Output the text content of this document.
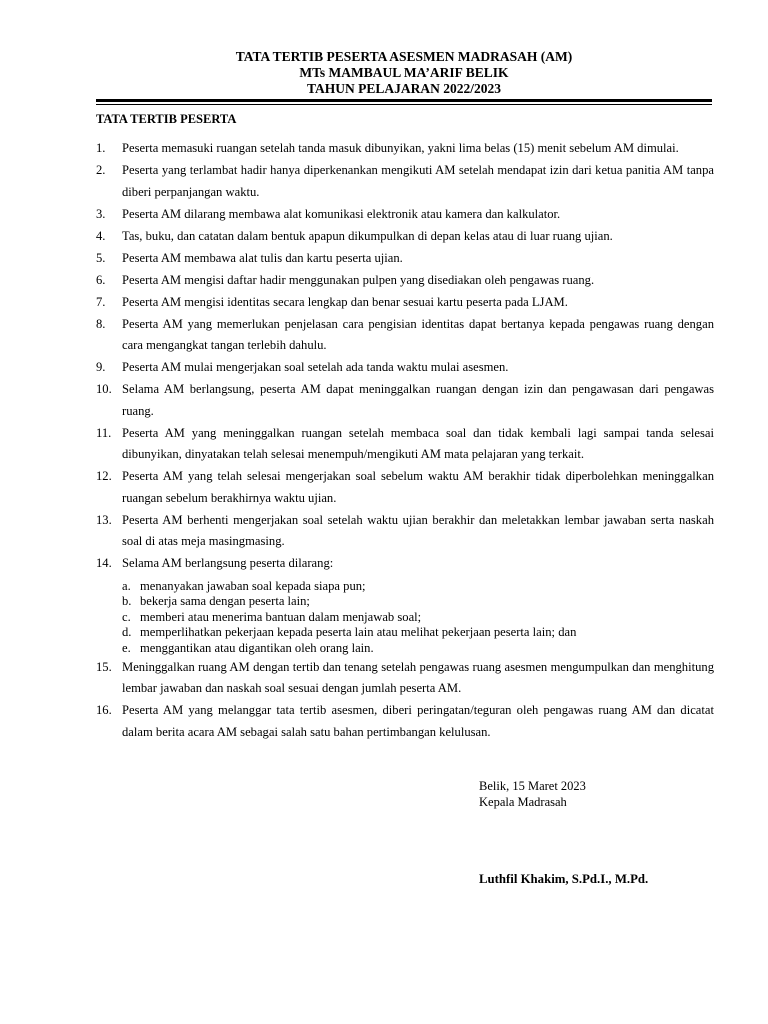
TATA TERTIB PESERTA ASESMEN MADRASAH (AM)
MTs MAMBAUL MA’ARIF BELIK
TAHUN PELAJARAN 2022/2023
TATA TERTIB PESERTA
1. Peserta memasuki ruangan setelah tanda masuk dibunyikan, yakni lima belas (15) menit sebelum AM dimulai.
2. Peserta yang terlambat hadir hanya diperkenankan mengikuti AM setelah mendapat izin dari ketua panitia AM tanpa diberi perpanjangan waktu.
3. Peserta AM dilarang membawa alat komunikasi elektronik atau kamera dan kalkulator.
4. Tas, buku, dan catatan dalam bentuk apapun dikumpulkan di depan kelas atau di luar ruang ujian.
5. Peserta AM membawa alat tulis dan kartu peserta ujian.
6. Peserta AM mengisi daftar hadir menggunakan pulpen yang disediakan oleh pengawas ruang.
7. Peserta AM mengisi identitas secara lengkap dan benar sesuai kartu peserta pada LJAM.
8. Peserta AM yang memerlukan penjelasan cara pengisian identitas dapat bertanya kepada pengawas ruang dengan cara mengangkat tangan terlebih dahulu.
9. Peserta AM mulai mengerjakan soal setelah ada tanda waktu mulai asesmen.
10. Selama AM berlangsung, peserta AM dapat meninggalkan ruangan dengan izin dan pengawasan dari pengawas ruang.
11. Peserta AM yang meninggalkan ruangan setelah membaca soal dan tidak kembali lagi sampai tanda selesai dibunyikan, dinyatakan telah selesai menempuh/mengikuti AM mata pelajaran yang terkait.
12. Peserta AM yang telah selesai mengerjakan soal sebelum waktu AM berakhir tidak diperbolehkan meninggalkan ruangan sebelum berakhirnya waktu ujian.
13. Peserta AM berhenti mengerjakan soal setelah waktu ujian berakhir dan meletakkan lembar jawaban serta naskah soal di atas meja masingmasing.
14. Selama AM berlangsung peserta dilarang:
a. menanyakan jawaban soal kepada siapa pun;
b. bekerja sama dengan peserta lain;
c. memberi atau menerima bantuan dalam menjawab soal;
d. memperlihatkan pekerjaan kepada peserta lain atau melihat pekerjaan peserta lain; dan
e. menggantikan atau digantikan oleh orang lain.
15. Meninggalkan ruang AM dengan tertib dan tenang setelah pengawas ruang asesmen mengumpulkan dan menghitung lembar jawaban dan naskah soal sesuai dengan jumlah peserta AM.
16. Peserta AM yang melanggar tata tertib asesmen, diberi peringatan/teguran oleh pengawas ruang AM dan dicatat dalam berita acara AM sebagai salah satu bahan pertimbangan kelulusan.
Belik, 15 Maret 2023
Kepala Madrasah
Luthfil Khakim, S.Pd.I., M.Pd.
